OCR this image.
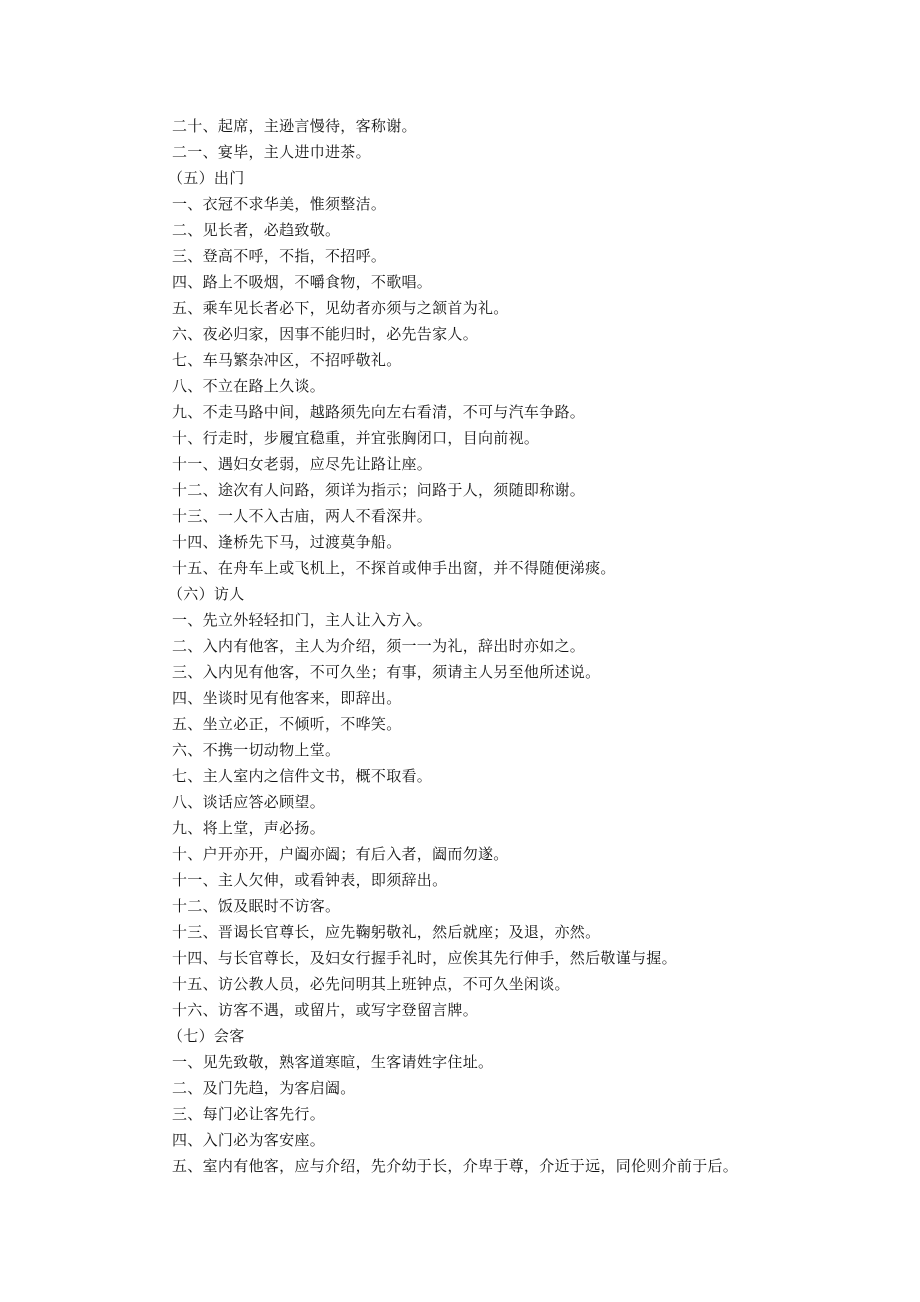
二十、起席，主逊言慢待，客称谢。
二一、宴毕，主人进巾进茶。
（五）出门
一、衣冠不求华美，惟须整洁。
二、见长者，必趋致敬。
三、登高不呼，不指，不招呼。
四、路上不吸烟，不嚼食物，不歌唱。
五、乘车见长者必下，见幼者亦须与之颔首为礼。
六、夜必归家，因事不能归时，必先告家人。
七、车马繁杂冲区，不招呼敬礼。
八、不立在路上久谈。
九、不走马路中间，越路须先向左右看清，不可与汽车争路。
十、行走时，步履宜稳重，并宜张胸闭口，目向前视。
十一、遇妇女老弱，应尽先让路让座。
十二、途次有人问路，须详为指示；问路于人，须随即称谢。
十三、一人不入古庙，两人不看深井。
十四、逢桥先下马，过渡莫争船。
十五、在舟车上或飞机上，不探首或伸手出窗，并不得随便涕痰。
（六）访人
一、先立外轻轻扣门，主人让入方入。
二、入内有他客，主人为介绍，须一一为礼，辞出时亦如之。
三、入内见有他客，不可久坐；有事，须请主人另至他所述说。
四、坐谈时见有他客来，即辞出。
五、坐立必正，不倾听，不哗笑。
六、不携一切动物上堂。
七、主人室内之信件文书，概不取看。
八、谈话应答必顾望。
九、将上堂，声必扬。
十、户开亦开，户阖亦阖；有后入者，阖而勿遂。
十一、主人欠伸，或看钟表，即须辞出。
十二、饭及眠时不访客。
十三、晋谒长官尊长，应先鞠躬敬礼，然后就座；及退，亦然。
十四、与长官尊长，及妇女行握手礼时，应俟其先行伸手，然后敬谨与握。
十五、访公教人员，必先问明其上班钟点，不可久坐闲谈。
十六、访客不遇，或留片，或写字登留言牌。
（七）会客
一、见先致敬，熟客道寒暄，生客请姓字住址。
二、及门先趋，为客启阖。
三、每门必让客先行。
四、入门必为客安座。
五、室内有他客，应与介绍，先介幼于长，介卑于尊，介近于远，同伦则介前于后。
